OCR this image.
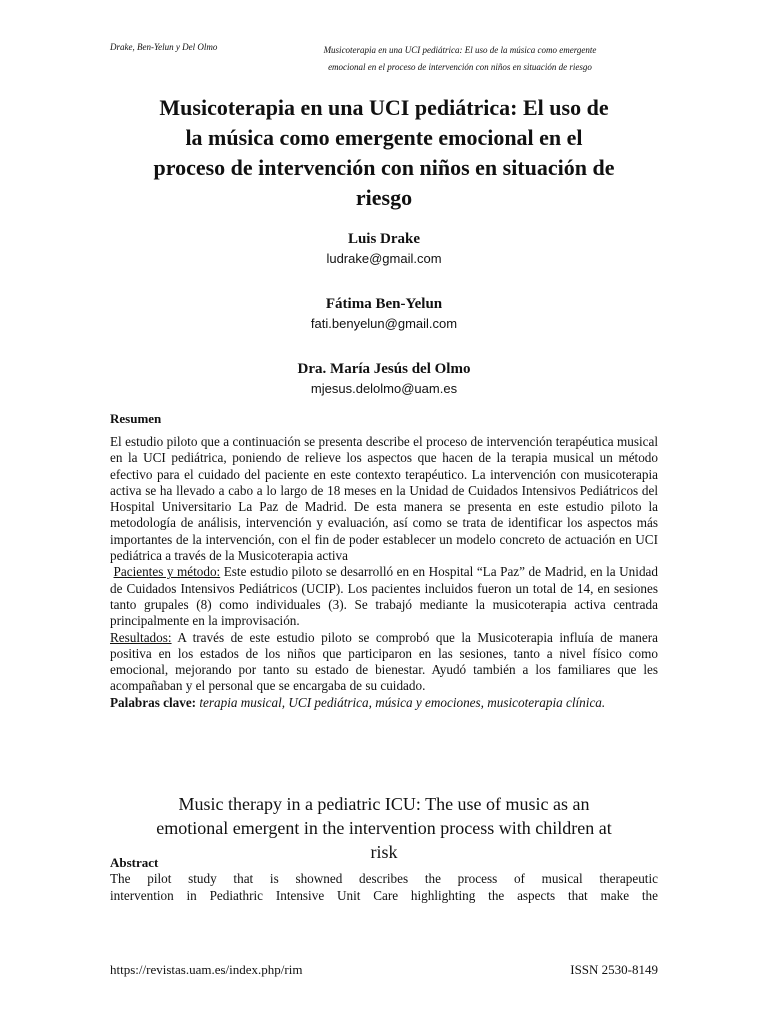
Drake, Ben-Yelun y Del Olmo	Musicoterapia en una UCI pediátrica: El uso de la música como emergente
emocional en el proceso de intervención con niños en situación de riesgo
Musicoterapia en una UCI pediátrica: El uso de
la música como emergente emocional en el
proceso de intervención con niños en situación de
riesgo
Luis Drake
ludrake@gmail.com
Fátima Ben-Yelun
fati.benyelun@gmail.com
Dra. María Jesús del Olmo
mjesus.delolmo@uam.es
Resumen

El estudio piloto que a continuación se presenta describe el proceso de intervención terapéutica musical en la UCI pediátrica, poniendo de relieve los aspectos que hacen de la terapia musical un método efectivo para el cuidado del paciente en este contexto terapéutico. La intervención con musicoterapia activa se ha llevado a cabo a lo largo de 18 meses en la Unidad de Cuidados Intensivos Pediátricos del Hospital Universitario La Paz de Madrid. De esta manera se presenta en este estudio piloto la metodología de análisis, intervención y evaluación, así como se trata de identificar los aspectos más importantes de la intervención, con el fin de poder establecer un modelo concreto de actuación en UCI pediátrica a través de la Musicoterapia activa

Pacientes y método: Este estudio piloto se desarrolló en en Hospital “La Paz” de Madrid, en la Unidad de Cuidados Intensivos Pediátricos (UCIP). Los pacientes incluidos fueron un total de 14, en sesiones tanto grupales (8) como individuales (3). Se trabajó mediante la musicoterapia activa centrada principalmente en la improvisación.

Resultados: A través de este estudio piloto se comprobó que la Musicoterapia influía de manera positiva en los estados de los niños que participaron en las sesiones, tanto a nivel físico como emocional, mejorando por tanto su estado de bienestar. Ayudó también a los familiares que les acompañaban y el personal que se encargaba de su cuidado.

Palabras clave: terapia musical, UCI pediátrica, música y emociones, musicoterapia clínica.

Music therapy in a pediatric ICU: The use of music as an
emotional emergent in the intervention process with children at
risk
Abstract
The pilot study that is showned describes the process of musical therapeutic
intervention in Pediathric Intensive Unit Care highlighting the aspects that make the
https://revistas.uam.es/index.php/rim	ISSN 2530-8149
